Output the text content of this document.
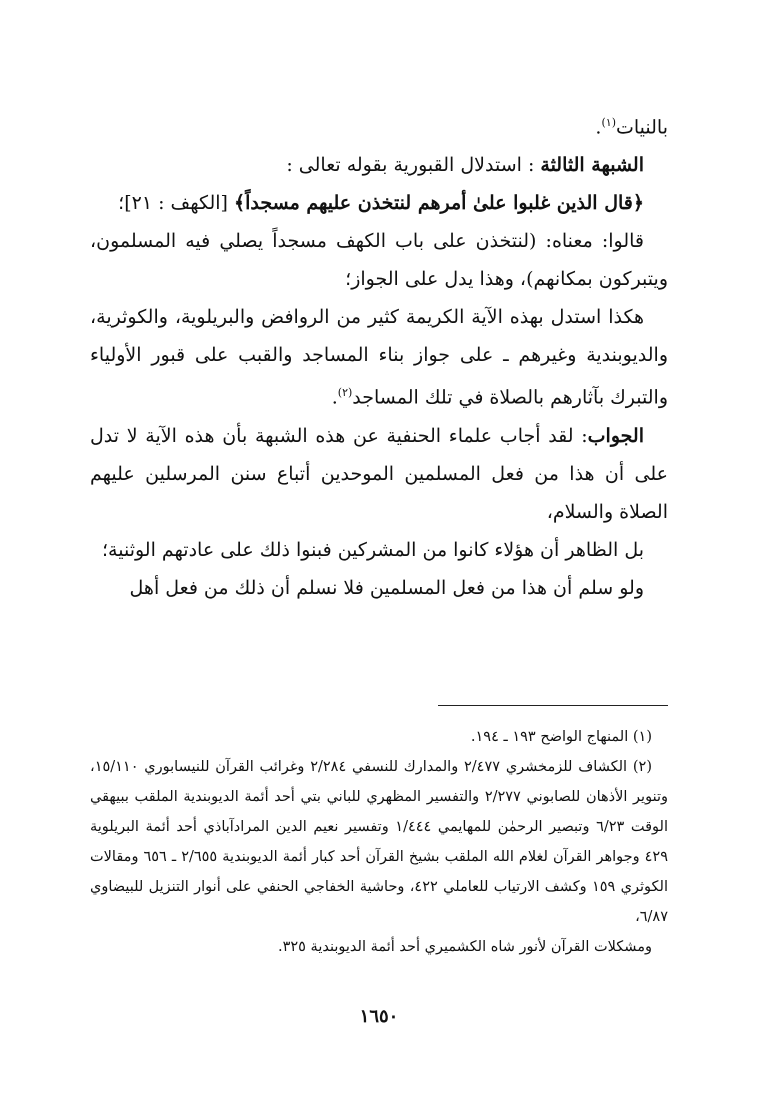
بالنيات$^{(١)}$.

الشبهة الثالثة : استدلال القبورية بقوله تعالى :

﴿قال الذين غلبوا علىٰ أمرهم لنتخذن عليهم مسجداً﴾ [الكهف : ٢١]؛

قالوا: معناه: (لنتخذن على باب الكهف مسجداً يصلي فيه المسلمون، ويتبركون بمكانهم)، وهذا يدل على الجواز؛

هكذا استدل بهذه الآية الكريمة كثير من الروافض والبريلوية، والكوثرية، والديوبندية وغيرهم ـ على جواز بناء المساجد والقبب على قبور الأولياء والتبرك بآثارهم بالصلاة في تلك المساجد$^{(٢)}$.

الجواب: لقد أجاب علماء الحنفية عن هذه الشبهة بأن هذه الآية لا تدل على أن هذا من فعل المسلمين الموحدين أتباع سنن المرسلين عليهم الصلاة والسلام،

بل الظاهر أن هؤلاء كانوا من المشركين فبنوا ذلك على عادتهم الوثنية؛

ولو سلم أن هذا من فعل المسلمين فلا نسلم أن ذلك من فعل أهل

(١) المنهاج الواضح ١٩٣ ـ ١٩٤.

(٢) الكشاف للزمخشري ٢/٤٧٧ والمدارك للنسفي ٢/٢٨٤ وغرائب القرآن للنيسابوري ١٥/١١٠، وتنوير الأذهان للصابوني ٢/٢٧٧ والتفسير المظهري للباني بتي أحد أئمة الديوبندية الملقب ببيهقي الوقت ٦/٢٣ وتبصير الرحمٰن للمهايمي ١/٤٤٤ وتفسير نعيم الدين المرادآباذي أحد أئمة البريلوية ٤٢٩ وجواهر القرآن لغلام الله الملقب بشيخ القرآن أحد كبار أئمة الديوبندية ٢/٦٥٥ ـ ٦٥٦ ومقالات الكوثري ١٥٩ وكشف الارتياب للعاملي ٤٢٢، وحاشية الخفاجي الحنفي على أنوار التنزيل للبيضاوي ٦/٨٧،

ومشكلات القرآن لأنور شاه الكشميري أحد أئمة الديوبندية ٣٢٥.

١٦٥٠
